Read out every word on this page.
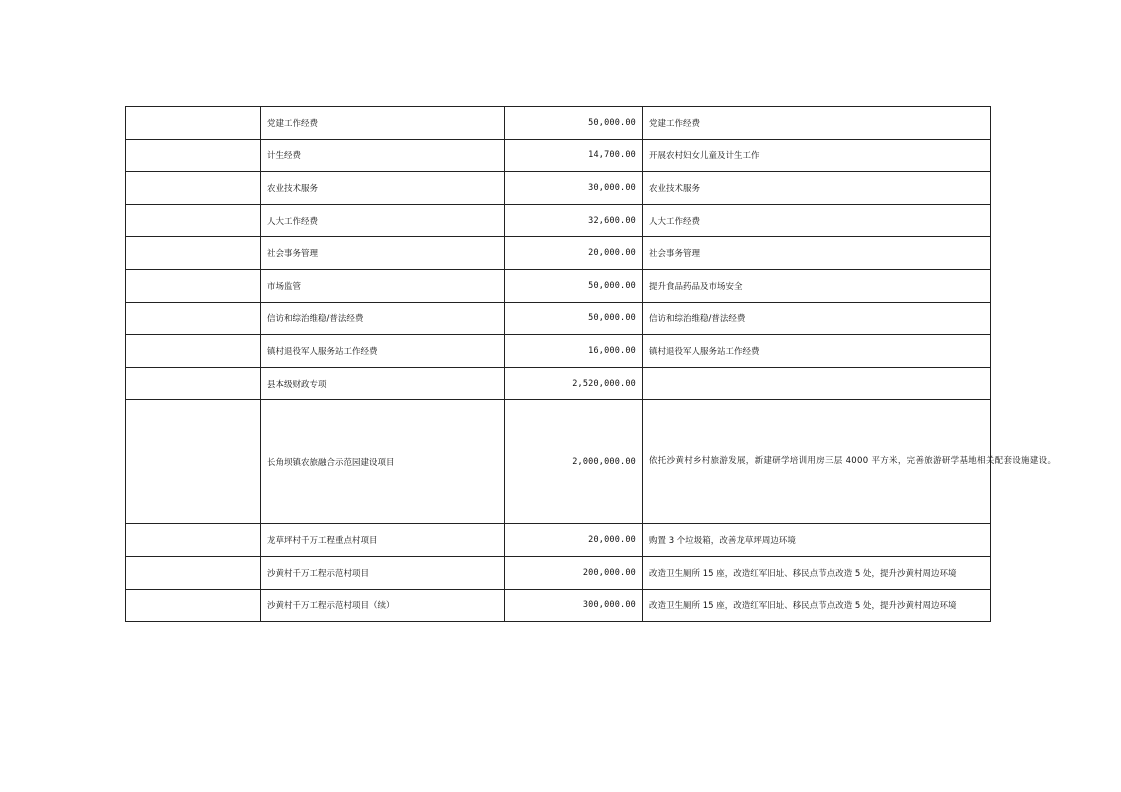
	党建工作经费	50,000.00	党建工作经费
	计生经费	14,700.00	开展农村妇女儿童及计生工作
	农业技术服务	30,000.00	农业技术服务
	人大工作经费	32,600.00	人大工作经费
	社会事务管理	20,000.00	社会事务管理
	市场监管	50,000.00	提升食品药品及市场安全
	信访和综治维稳/普法经费	50,000.00	信访和综治维稳/普法经费
	镇村退役军人服务站工作经费	16,000.00	镇村退役军人服务站工作经费
	县本级财政专项	2,520,000.00	
	长角坝镇农旅融合示范园建设项目	2,000,000.00	依托沙黄村乡村旅游发展，新建研学培训用房三层 4000 平方米，完善旅游研学基地相关配套设施建设。
	龙草坪村千万工程重点村项目	20,000.00	购置 3 个垃圾箱，改善龙草坪周边环境
	沙黄村千万工程示范村项目	200,000.00	改造卫生厕所 15 座，改造红军旧址、移民点节点改造 5 处，提升沙黄村周边环境
	沙黄村千万工程示范村项目（续）	300,000.00	改造卫生厕所 15 座，改造红军旧址、移民点节点改造 5 处，提升沙黄村周边环境
